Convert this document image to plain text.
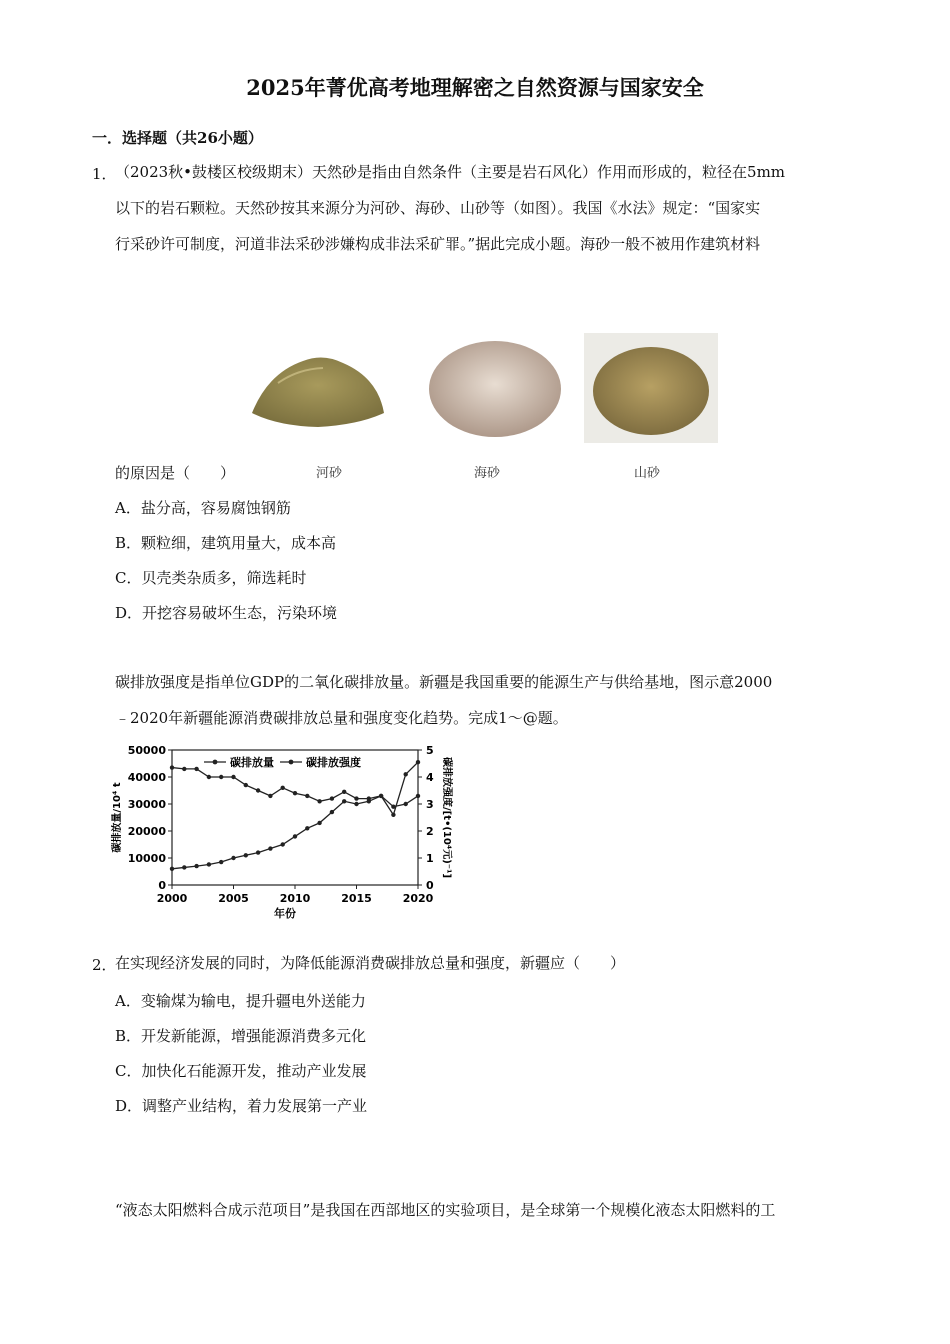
2025年菁优高考地理解密之自然资源与国家安全
一．选择题（共26小题）
1．
（2023秋•鼓楼区校级期末）天然砂是指由自然条件（主要是岩石风化）作用而形成的，粒径在5mm
以下的岩石颗粒。天然砂按其来源分为河砂、海砂、山砂等（如图）。我国《水法》规定：“国家实
行采砂许可制度，河道非法采砂涉嫌构成非法采矿罪。”据此完成小题。海砂一般不被用作建筑材料
河砂	海砂	山砂
的原因是（　　）
A．盐分高，容易腐蚀钢筋
B．颗粒细，建筑用量大，成本高
C．贝壳类杂质多，筛选耗时
D．开挖容易破坏生态，污染环境
碳排放强度是指单位GDP的二氧化碳排放量。新疆是我国重要的能源生产与供给基地，图示意2000
﹣2020年新疆能源消费碳排放总量和强度变化趋势。完成1～@题。
0
10000
20000
30000
40000
50000
0
1
2
3
4
5
2000	2005	2010	2015	2020
年份
碳排放量/10⁴ t	碳排放强度/[t•(10⁴元)⁻¹]
碳排放量	碳排放强度
2．
在实现经济发展的同时，为降低能源消费碳排放总量和强度，新疆应（　　）
A．变输煤为输电，提升疆电外送能力
B．开发新能源，增强能源消费多元化
C．加快化石能源开发，推动产业发展
D．调整产业结构，着力发展第一产业
“液态太阳燃料合成示范项目”是我国在西部地区的实验项目，是全球第一个规模化液态太阳燃料的工
